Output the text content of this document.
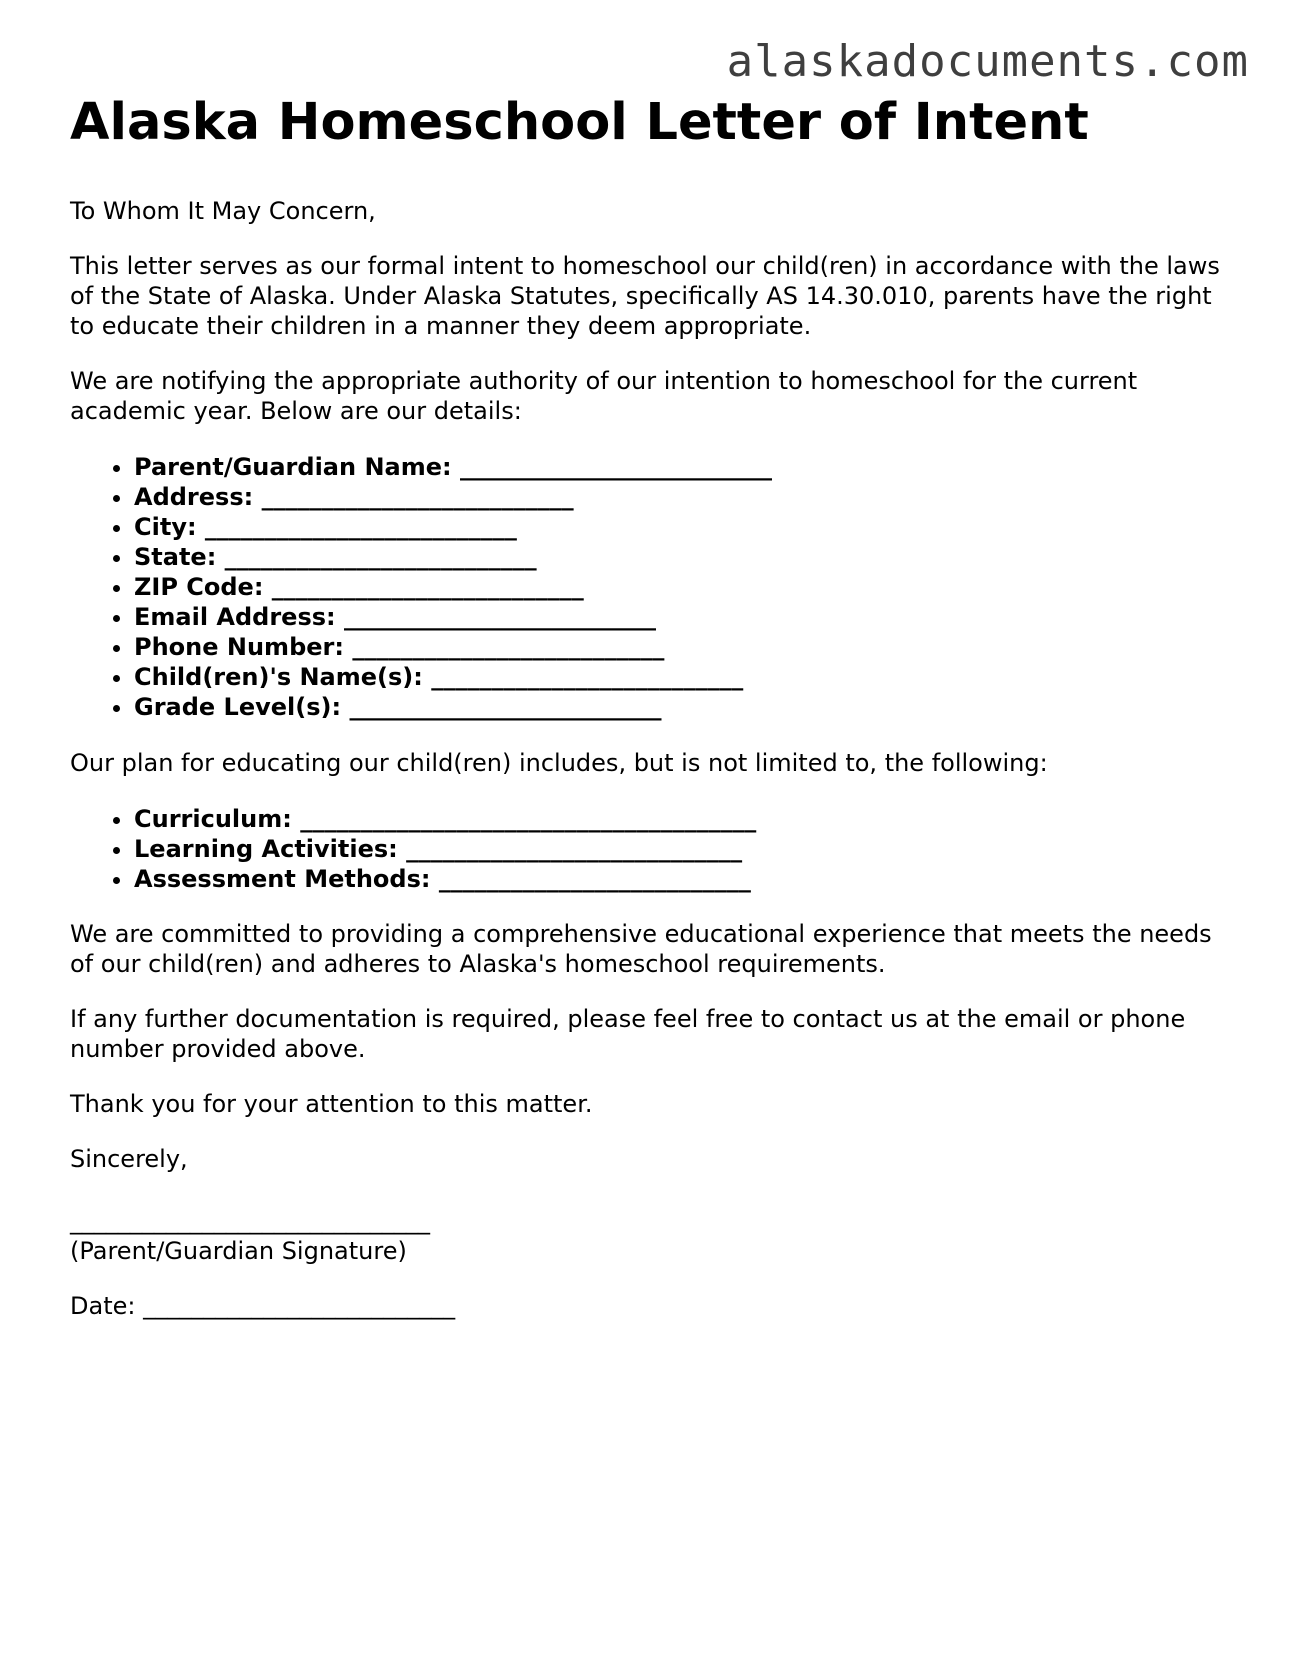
alaskadocuments.com
Alaska Homeschool Letter of Intent

To Whom It May Concern,

This letter serves as our formal intent to homeschool our child(ren) in accordance with the laws of the State of Alaska. Under Alaska Statutes, specifically AS 14.30.010, parents have the right to educate their children in a manner they deem appropriate.

We are notifying the appropriate authority of our intention to homeschool for the current academic year. Below are our details:

• Parent/Guardian Name: __________________________
• Address: __________________________
• City: __________________________
• State: __________________________
• ZIP Code: __________________________
• Email Address: __________________________
• Phone Number: __________________________
• Child(ren)'s Name(s): __________________________
• Grade Level(s): __________________________

Our plan for educating our child(ren) includes, but is not limited to, the following:

• Curriculum: ______________________________________
• Learning Activities: ____________________________
• Assessment Methods: __________________________

We are committed to providing a comprehensive educational experience that meets the needs of our child(ren) and adheres to Alaska's homeschool requirements.

If any further documentation is required, please feel free to contact us at the email or phone number provided above.

Thank you for your attention to this matter.

Sincerely,

______________________________

(Parent/Guardian Signature)

Date: __________________________
